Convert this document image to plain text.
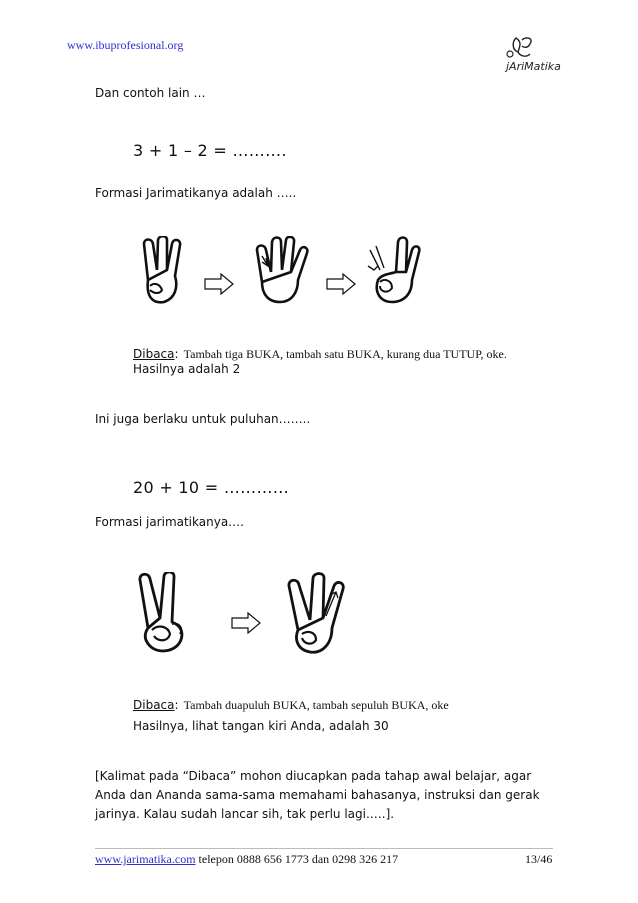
www.ibuprofesional.org
jAriMatika
Dan contoh lain …
3 + 1 – 2 = ……….
Formasi Jarimatikanya adalah …..
Dibaca: Tambah tiga BUKA, tambah satu BUKA, kurang dua TUTUP, oke.
Hasilnya adalah 2
Ini juga berlaku untuk puluhan……..
20 + 10 = …………
Formasi jarimatikanya….
Dibaca: Tambah duapuluh BUKA, tambah sepuluh BUKA, oke
Hasilnya, lihat tangan kiri Anda, adalah 30
[Kalimat pada “Dibaca” mohon diucapkan pada tahap awal belajar, agar
Anda dan Ananda sama-sama memahami bahasanya, instruksi dan gerak
jarinya. Kalau sudah lancar sih, tak perlu lagi.….].
www.jarimatika.com telepon 0888 656 1773 dan 0298 326 217	13/46
